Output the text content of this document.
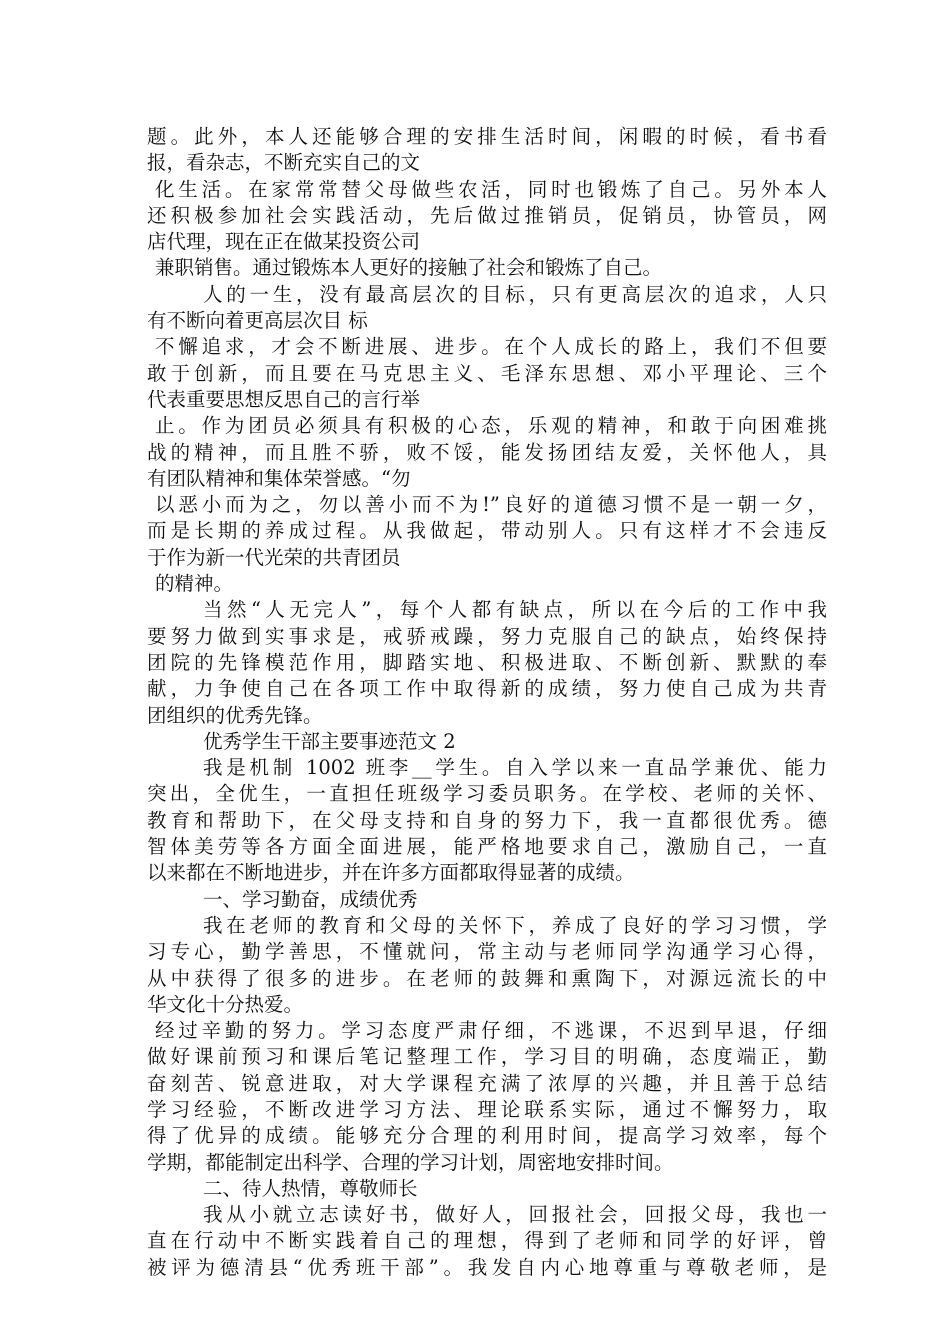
题。此外，本人还能够合理的安排生活时间，闲暇的时候，看书看
报，看杂志，不断充实自己的文
化生活。在家常常替父母做些农活，同时也锻炼了自己。另外本人
还积极参加社会实践活动，先后做过推销员，促销员，协管员，网
店代理，现在正在做某投资公司
兼职销售。通过锻炼本人更好的接触了社会和锻炼了自己。
人的一生，没有最高层次的目标，只有更高层次的追求，人只
有不断向着更高层次目 标
不懈追求，才会不断进展、进步。在个人成长的路上，我们不但要
敢于创新，而且要在马克思主义、毛泽东思想、邓小平理论、三个
代表重要思想反思自己的言行举
止。作为团员必须具有积极的心态，乐观的精神，和敢于向困难挑
战的精神，而且胜不骄，败不馁，能发扬团结友爱，关怀他人，具
有团队精神和集体荣誉感。“勿
以恶小而为之，勿以善小而不为!”良好的道德习惯不是一朝一夕，
而是长期的养成过程。从我做起，带动别人。只有这样才不会违反
于作为新一代光荣的共青团员
的精神。
当然“人无完人”，每个人都有缺点，所以在今后的工作中我
要努力做到实事求是，戒骄戒躁，努力克服自己的缺点，始终保持
团院的先锋模范作用，脚踏实地、积极进取、不断创新、默默的奉
献，力争使自己在各项工作中取得新的成绩，努力使自己成为共青
团组织的优秀先锋。
优秀学生干部主要事迹范文 2
我是机制 1002 班李__学生。自入学以来一直品学兼优、能力
突出，全优生，一直担任班级学习委员职务。在学校、老师的关怀、
教育和帮助下，在父母支持和自身的努力下，我一直都很优秀。德
智体美劳等各方面全面进展，能严格地要求自己，激励自己，一直
以来都在不断地进步，并在许多方面都取得显著的成绩。
一、学习勤奋，成绩优秀
我在老师的教育和父母的关怀下，养成了良好的学习习惯，学
习专心，勤学善思，不懂就问，常主动与老师同学沟通学习心得，
从中获得了很多的进步。在老师的鼓舞和熏陶下，对源远流长的中
华文化十分热爱。
经过辛勤的努力。学习态度严肃仔细，不逃课，不迟到早退，仔细
做好课前预习和课后笔记整理工作，学习目的明确，态度端正，勤
奋刻苦、锐意进取，对大学课程充满了浓厚的兴趣，并且善于总结
学习经验，不断改进学习方法、理论联系实际，通过不懈努力，取
得了优异的成绩。能够充分合理的利用时间，提高学习效率，每个
学期，都能制定出科学、合理的学习计划，周密地安排时间。
二、待人热情，尊敬师长
我从小就立志读好书，做好人，回报社会，回报父母，我也一
直在行动中不断实践着自己的理想，得到了老师和同学的好评，曾
被评为德清县“优秀班干部”。我发自内心地尊重与尊敬老师，是
